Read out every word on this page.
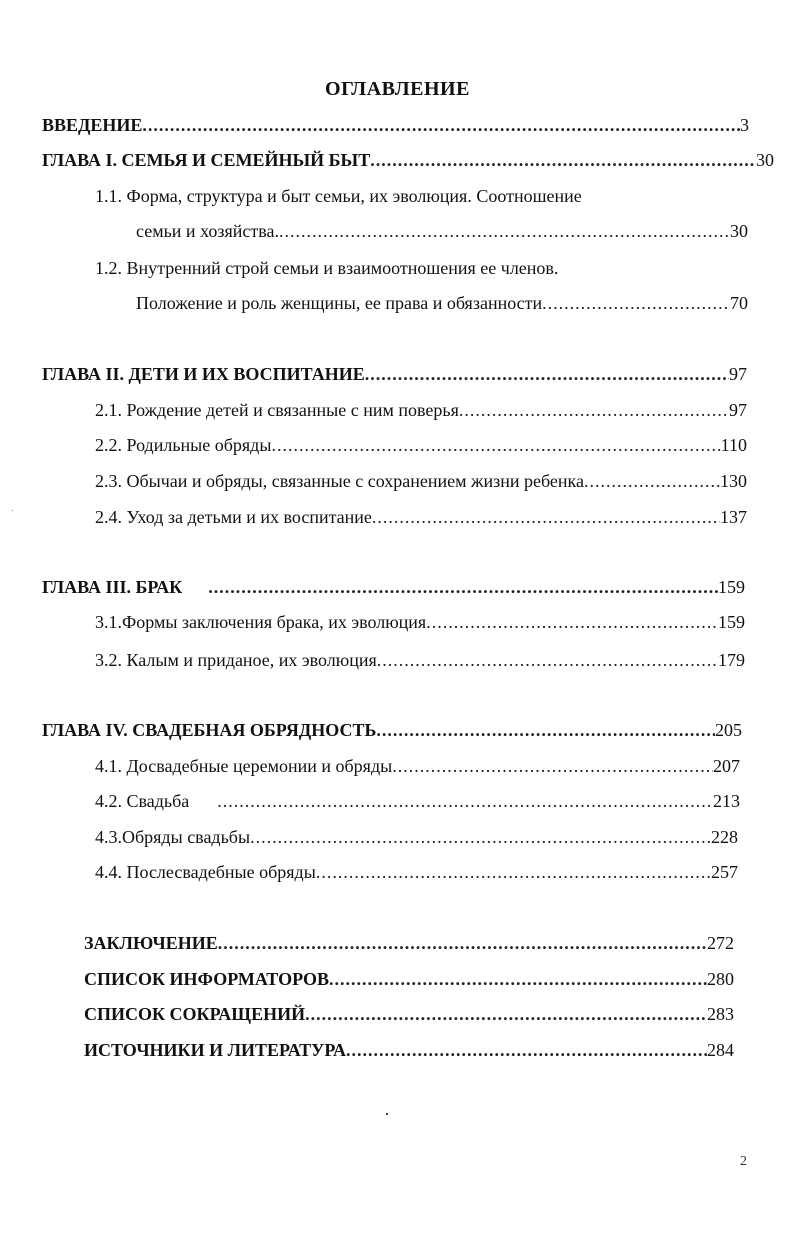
ОГЛАВЛЕНИЕ
ВВЕДЕНИЕ .....	3
ГЛАВА I. СЕМЬЯ И СЕМЕЙНЫЙ БЫТ .....	30
1.1. Форма, структура и быт семьи, их эволюция. Соотношение
семьи и хозяйства. .....	30
1.2. Внутренний строй семьи и взаимоотношения ее членов.
Положение и роль женщины, ее права и обязанности .....	70
ГЛАВА II. ДЕТИ И ИХ ВОСПИТАНИЕ .....	97
2.1. Рождение детей и связанные с ним поверья .....	97
2.2. Родильные обряды .....	110
2.3. Обычаи и обряды, связанные с сохранением жизни ребенка .....	130
2.4. Уход за детьми и их воспитание .....	137
ГЛАВА III. БРАК .....	159
3.1.Формы заключения брака, их эволюция .....	159
3.2. Калым и приданое, их эволюция .....	179
ГЛАВА IV. СВАДЕБНАЯ ОБРЯДНОСТЬ .....	205
4.1. Досвадебные церемонии и обряды .....	207
4.2. Свадьба .....	213
4.3.Обряды свадьбы .....	228
4.4. Послесвадебные обряды .....	257
ЗАКЛЮЧЕНИЕ .....	272
СПИСОК ИНФОРМАТОРОВ .....	280
СПИСОК СОКРАЩЕНИЙ .....	283
ИСТОЧНИКИ И ЛИТЕРАТУРА .....	284
2
